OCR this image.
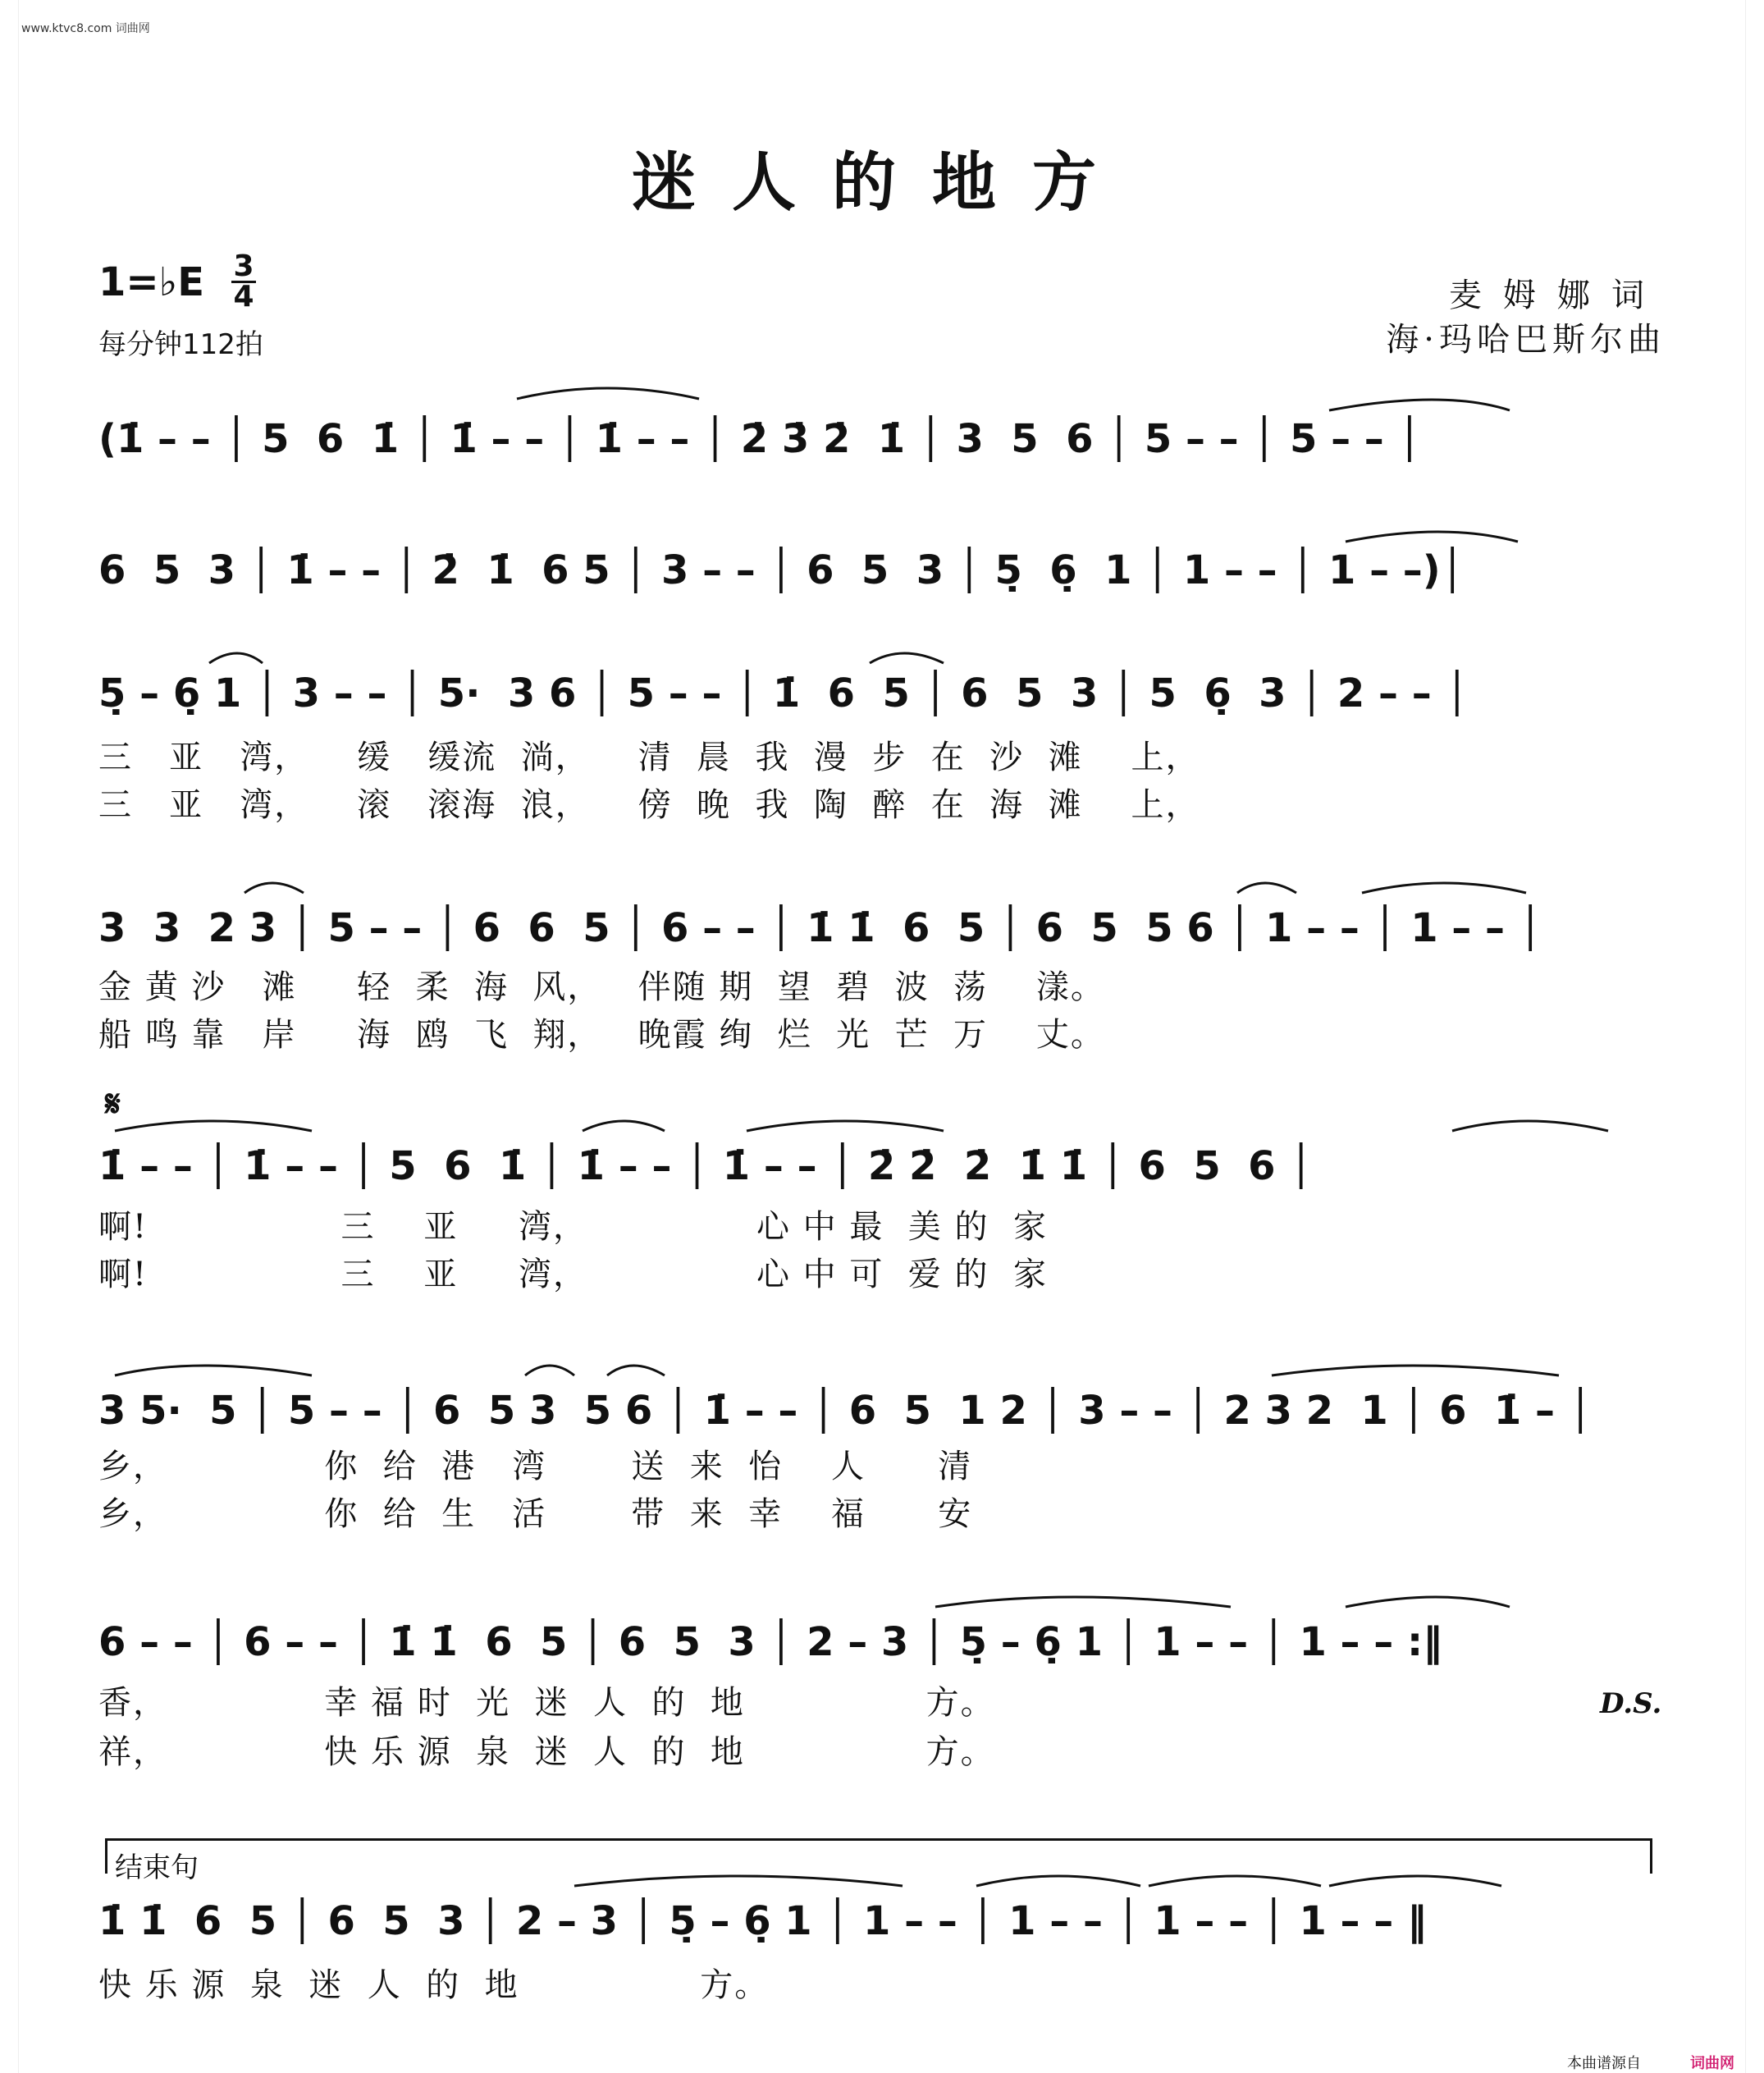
www.ktvc8.com 词曲网
迷人的地方
1=♭E 3
4
每分钟112拍
麦姆娜词
海·玛哈巴斯尔曲
(1̇ – – │ 5  6  1̇ │ 1̇ – – │ 1̇ – – │ 2̇ 3̇ 2̇  1̇ │ 3  5  6 │ 5 – – │ 5 – – │
6  5  3 │ 1̇ – – │ 2̇  1̇  6 5 │ 3 – – │ 6  5  3 │ 5̣  6̣  1 │ 1 – – │ 1 – –)│
5̣ – 6̣ 1 │ 3 – – │ 5·  3 6 │ 5 – – │ 1̇  6  5 │ 6  5  3 │ 5  6̣  3 │ 2 – – │
三   亚   湾，    缓   缓流  淌，    清  晨  我  漫  步  在  沙  滩    上，
三   亚   湾，    滚   滚海  浪，    傍  晚  我  陶  醉  在  海  滩    上，
3  3  2 3 │ 5 – – │ 6  6  5 │ 6 – – │ 1̇ 1̇  6  5 │ 6  5  5 6 │ 1 – – │ 1 – – │
金 黄 沙   滩     轻  柔  海  风，   伴随 期  望  碧  波  荡    漾。
船 鸣 靠   岸     海  鸥  飞  翔，   晚霞 绚  烂  光  芒  万    丈。
𝄋
1̇ – – │ 1̇ – – │ 5  6  1̇ │ 1̇ – – │ 1̇ – – │ 2̇ 2̇  2̇  1̇ 1̇ │ 6  5  6 │
啊!                三    亚     湾，              心 中 最  美 的  家
啊!                三    亚     湾，              心 中 可  爱 的  家
3 5·  5 │ 5 – – │ 6  5 3  5 6 │ 1̇ – – │ 6  5  1 2 │ 3 – – │ 2 3 2  1 │ 6  1̇ – │
乡，             你  给  港   湾       送  来  怡    人      清
乡，             你  给  生   活       带  来  幸    福      安
6 – – │ 6 – – │ 1̇ 1̇  6  5 │ 6  5  3 │ 2 – 3 │ 5̣ – 6̣ 1 │ 1 – – │ 1 – – :‖
香，             幸 福 时  光  迷  人  的  地               方。
祥，             快 乐 源  泉  迷  人  的  地               方。
D.S.
结束句
1̇ 1̇  6  5 │ 6  5  3 │ 2 – 3 │ 5̣ – 6̣ 1 │ 1 – – │ 1 – – │ 1 – – │ 1 – – ‖
快 乐 源  泉  迷  人  的  地               方。
本曲谱源自	词曲网
